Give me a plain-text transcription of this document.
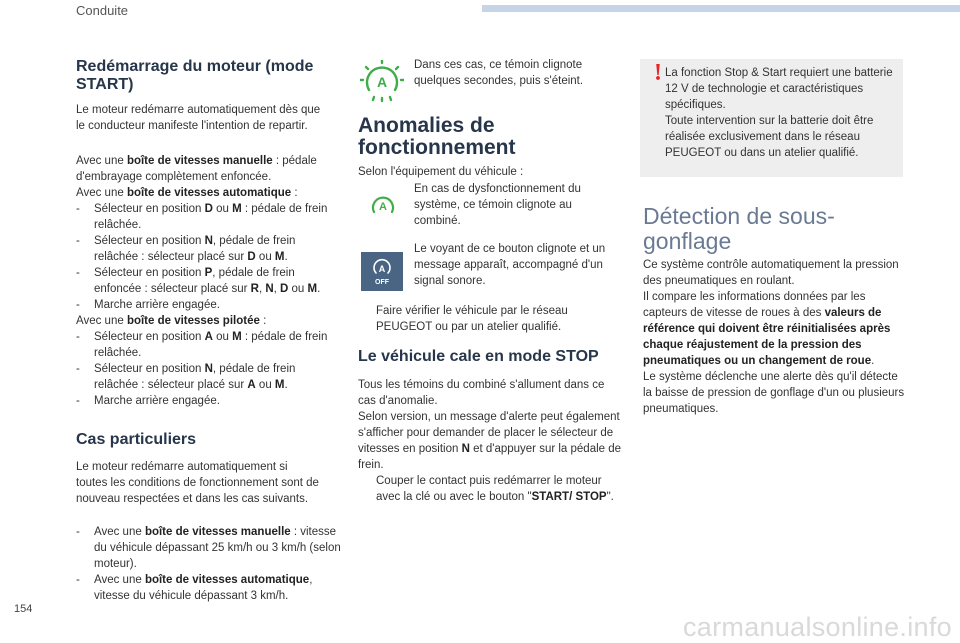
Conduite
Redémarrage du moteur (mode START)
Le moteur redémarre automatiquement dès que le conducteur manifeste l'intention de repartir.
Avec une boîte de vitesses manuelle : pédale d'embrayage complètement enfoncée.
Avec une boîte de vitesses automatique :
-	Sélecteur en position D ou M : pédale de frein relâchée.
-	Sélecteur en position N, pédale de frein relâchée : sélecteur placé sur D ou M.
-	Sélecteur en position P, pédale de frein enfoncée : sélecteur placé sur R, N, D ou M.
-	Marche arrière engagée.
Avec une boîte de vitesses pilotée :
-	Sélecteur en position A ou M : pédale de frein relâchée.
-	Sélecteur en position N, pédale de frein relâchée : sélecteur placé sur A ou M.
-	Marche arrière engagée.
Cas particuliers
Le moteur redémarre automatiquement si toutes les conditions de fonctionnement sont de nouveau respectées et dans les cas suivants.
-	Avec une boîte de vitesses manuelle : vitesse du véhicule dépassant 25 km/h ou 3 km/h (selon moteur).
-	Avec une boîte de vitesses automatique, vitesse du véhicule dépassant 3 km/h.
A
Dans ces cas, ce témoin clignote quelques secondes, puis s'éteint.
Anomalies de fonctionnement
Selon l'équipement du véhicule :
A
En cas de dysfonctionnement du système, ce témoin clignote au combiné.
A
OFF
Le voyant de ce bouton clignote et un message apparaît, accompagné d'un signal sonore.
Faire vérifier le véhicule par le réseau PEUGEOT ou par un atelier qualifié.
Le véhicule cale en mode STOP
Tous les témoins du combiné s'allument dans ce cas d'anomalie.
Selon version, un message d'alerte peut également s'afficher pour demander de placer le sélecteur de vitesses en position N et d'appuyer sur la pédale de frein.
Couper le contact puis redémarrer le moteur avec la clé ou avec le bouton "START/ STOP".
! La fonction Stop & Start requiert une batterie 12 V de technologie et caractéristiques spécifiques.
Toute intervention sur la batterie doit être réalisée exclusivement dans le réseau PEUGEOT ou dans un atelier qualifié.
Détection de sous-gonflage
Ce système contrôle automatiquement la pression des pneumatiques en roulant.
Il compare les informations données par les capteurs de vitesse de roues à des valeurs de référence qui doivent être réinitialisées après chaque réajustement de la pression des pneumatiques ou un changement de roue.
Le système déclenche une alerte dès qu'il détecte la baisse de pression de gonflage d'un ou plusieurs pneumatiques.
154
carmanualsonline.info
